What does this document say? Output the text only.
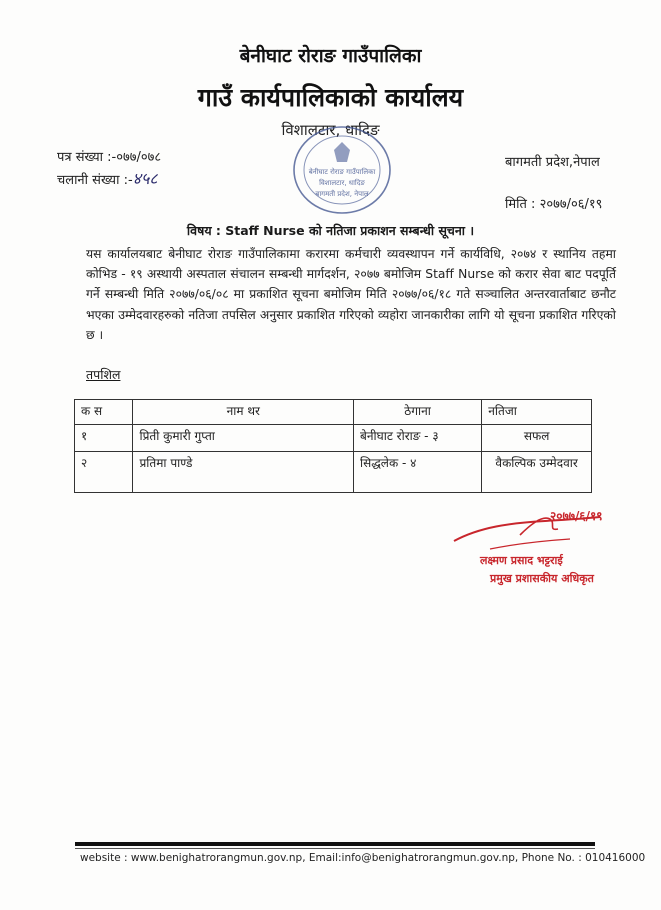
बेनीघाट रोराङ गाउँपालिका
गाउँ कार्यपालिकाको कार्यालय
विशालटार, धादिङ
पत्र संख्या :-०७७/०७८
चलानी संख्या :-४५८
बागमती प्रदेश,नेपाल
मिति : २०७७/०६/१९
बेनीघाट रोराङ गाउँपालिका
विशालटार, धादिङ
बागमती प्रदेश, नेपाल
विषय : Staff Nurse को नतिजा प्रकाशन सम्बन्धी सूचना ।
यस कार्यालयबाट बेनीघाट रोराङ गाउँपालिकामा करारमा कर्मचारी व्यवस्थापन गर्ने कार्यविधि, २०७४ र स्थानिय तहमा कोभिड - १९ अस्थायी अस्पताल संचालन सम्बन्धी मार्गदर्शन, २०७७ बमोजिम Staff Nurse को करार सेवा बाट पदपूर्ति गर्ने सम्बन्धी मिति २०७७/०६/०८ मा प्रकाशित सूचना बमोजिम मिति २०७७/०६/१८ गते सञ्चालित अन्तरवार्ताबाट छनौट भएका उम्मेदवारहरुको नतिजा तपसिल अनुसार प्रकाशित गरिएको व्यहोरा जानकारीका लागि यो सूचना प्रकाशित गरिएको छ ।
तपशिल
क स	नाम थर	ठेगाना	नतिजा
१	प्रिती कुमारी गुप्ता	बेनीघाट रोराङ - ३	सफल
२	प्रतिमा पाण्डे	सिद्धलेक - ४	वैकल्पिक उम्मेदवार
२०७७/६/१९
लक्ष्मण प्रसाद भट्टराई
प्रमुख प्रशासकीय अधिकृत
website : www.benighatrorangmun.gov.np, Email:info@benighatrorangmun.gov.np, Phone No. : 010416000
